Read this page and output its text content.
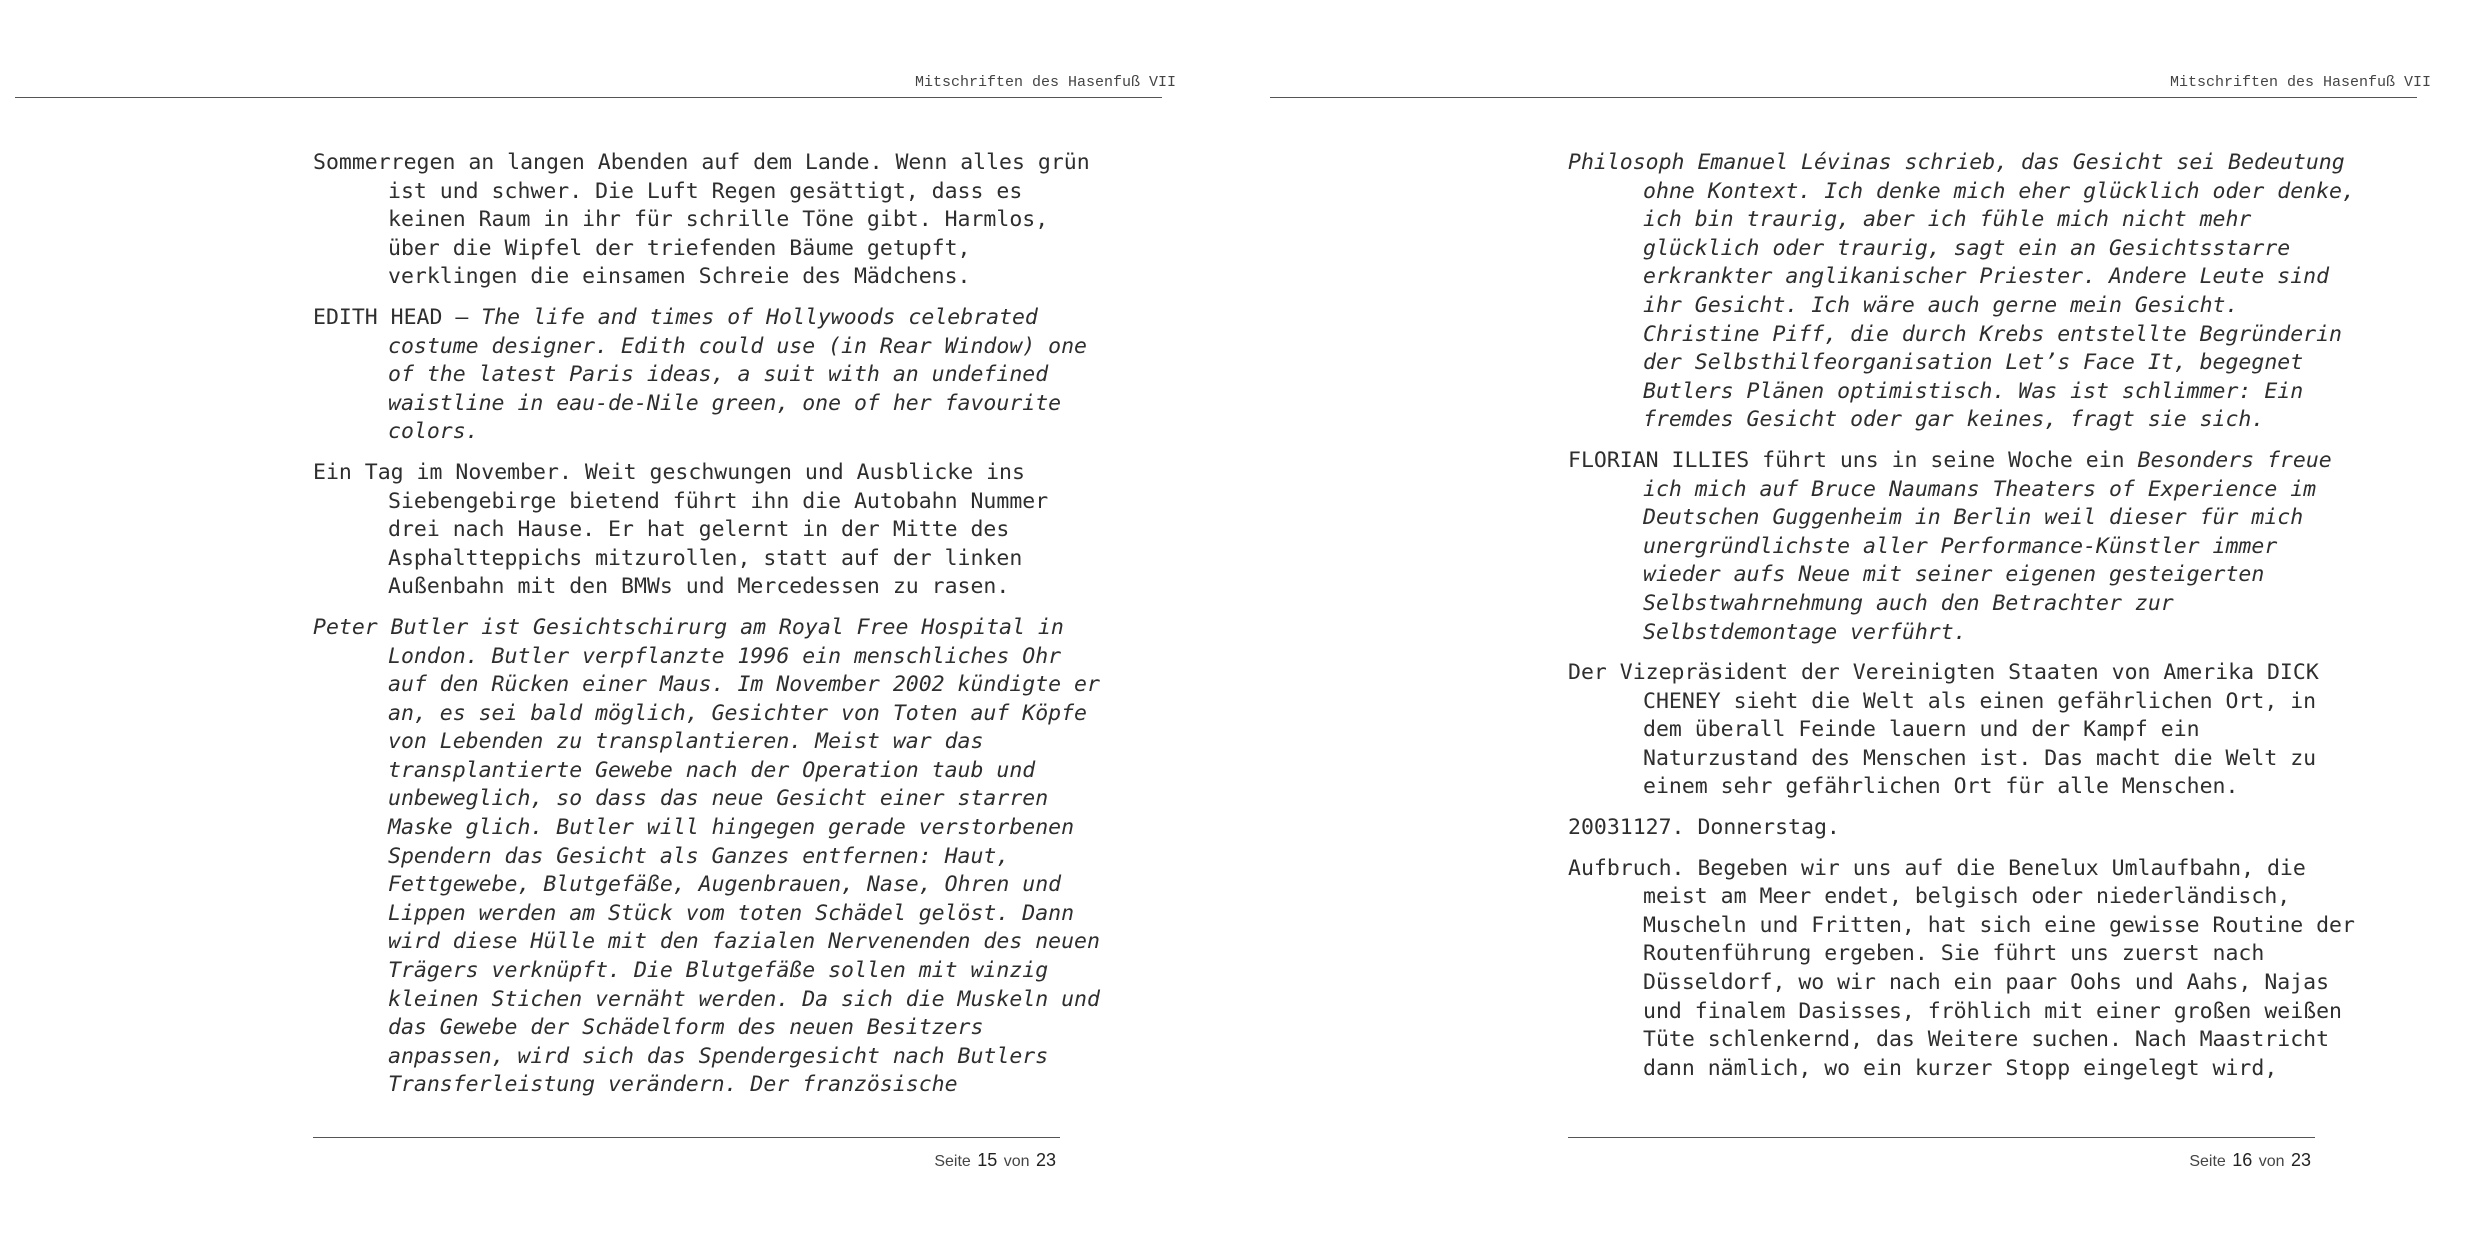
Mitschriften des Hasenfuß VII

Sommerregen an langen Abenden auf dem Lande. Wenn alles grün ist und schwer. Die Luft Regen gesättigt, dass es keinen Raum in ihr für schrille Töne gibt. Harmlos, über die Wipfel der triefenden Bäume getupft, verklingen die einsamen Schreie des Mädchens.

EDITH HEAD – The life and times of Hollywoods celebrated costume designer. Edith could use (in Rear Window) one of the latest Paris ideas, a suit with an undefined waistline in eau-de-Nile green, one of her favourite colors.

Ein Tag im November. Weit geschwungen und Ausblicke ins Siebengebirge bietend führt ihn die Autobahn Nummer drei nach Hause. Er hat gelernt in der Mitte des Asphaltteppichs mitzurollen, statt auf der linken Außenbahn mit den BMWs und Mercedessen zu rasen.

Peter Butler ist Gesichtschirurg am Royal Free Hospital in London. Butler verpflanzte 1996 ein menschliches Ohr auf den Rücken einer Maus. Im November 2002 kündigte er an, es sei bald möglich, Gesichter von Toten auf Köpfe von Lebenden zu transplantieren. Meist war das transplantierte Gewebe nach der Operation taub und unbeweglich, so dass das neue Gesicht einer starren Maske glich. Butler will hingegen gerade verstorbenen Spendern das Gesicht als Ganzes entfernen: Haut, Fettgewebe, Blutgefäße, Augenbrauen, Nase, Ohren und Lippen werden am Stück vom toten Schädel gelöst. Dann wird diese Hülle mit den fazialen Nervenenden des neuen Trägers verknüpft. Die Blutgefäße sollen mit winzig kleinen Stichen vernäht werden. Da sich die Muskeln und das Gewebe der Schädelform des neuen Besitzers anpassen, wird sich das Spendergesicht nach Butlers Transferleistung verändern. Der französische

Seite 15 von 23
Mitschriften des Hasenfuß VII

Philosoph Emanuel Lévinas schrieb, das Gesicht sei Bedeutung ohne Kontext. Ich denke mich eher glücklich oder denke, ich bin traurig, aber ich fühle mich nicht mehr glücklich oder traurig, sagt ein an Gesichtsstarre erkrankter anglikanischer Priester. Andere Leute sind ihr Gesicht. Ich wäre auch gerne mein Gesicht. Christine Piff, die durch Krebs entstellte Begründerin der Selbsthilfeorganisation Let’s Face It, begegnet Butlers Plänen optimistisch. Was ist schlimmer: Ein fremdes Gesicht oder gar keines, fragt sie sich.

FLORIAN ILLIES führt uns in seine Woche ein Besonders freue ich mich auf Bruce Naumans Theaters of Experience im Deutschen Guggenheim in Berlin weil dieser für mich unergründlichste aller Performance-Künstler immer wieder aufs Neue mit seiner eigenen gesteigerten Selbstwahrnehmung auch den Betrachter zur Selbstdemontage verführt.

Der Vizepräsident der Vereinigten Staaten von Amerika DICK CHENEY sieht die Welt als einen gefährlichen Ort, in dem überall Feinde lauern und der Kampf ein Naturzustand des Menschen ist. Das macht die Welt zu einem sehr gefährlichen Ort für alle Menschen.

20031127. Donnerstag.

Aufbruch. Begeben wir uns auf die Benelux Umlaufbahn, die meist am Meer endet, belgisch oder niederländisch, Muscheln und Fritten, hat sich eine gewisse Routine der Routenführung ergeben. Sie führt uns zuerst nach Düsseldorf, wo wir nach ein paar Oohs und Aahs, Najas und finalem Dasisses, fröhlich mit einer großen weißen Tüte schlenkernd, das Weitere suchen. Nach Maastricht dann nämlich, wo ein kurzer Stopp eingelegt wird,

Seite 16 von 23
